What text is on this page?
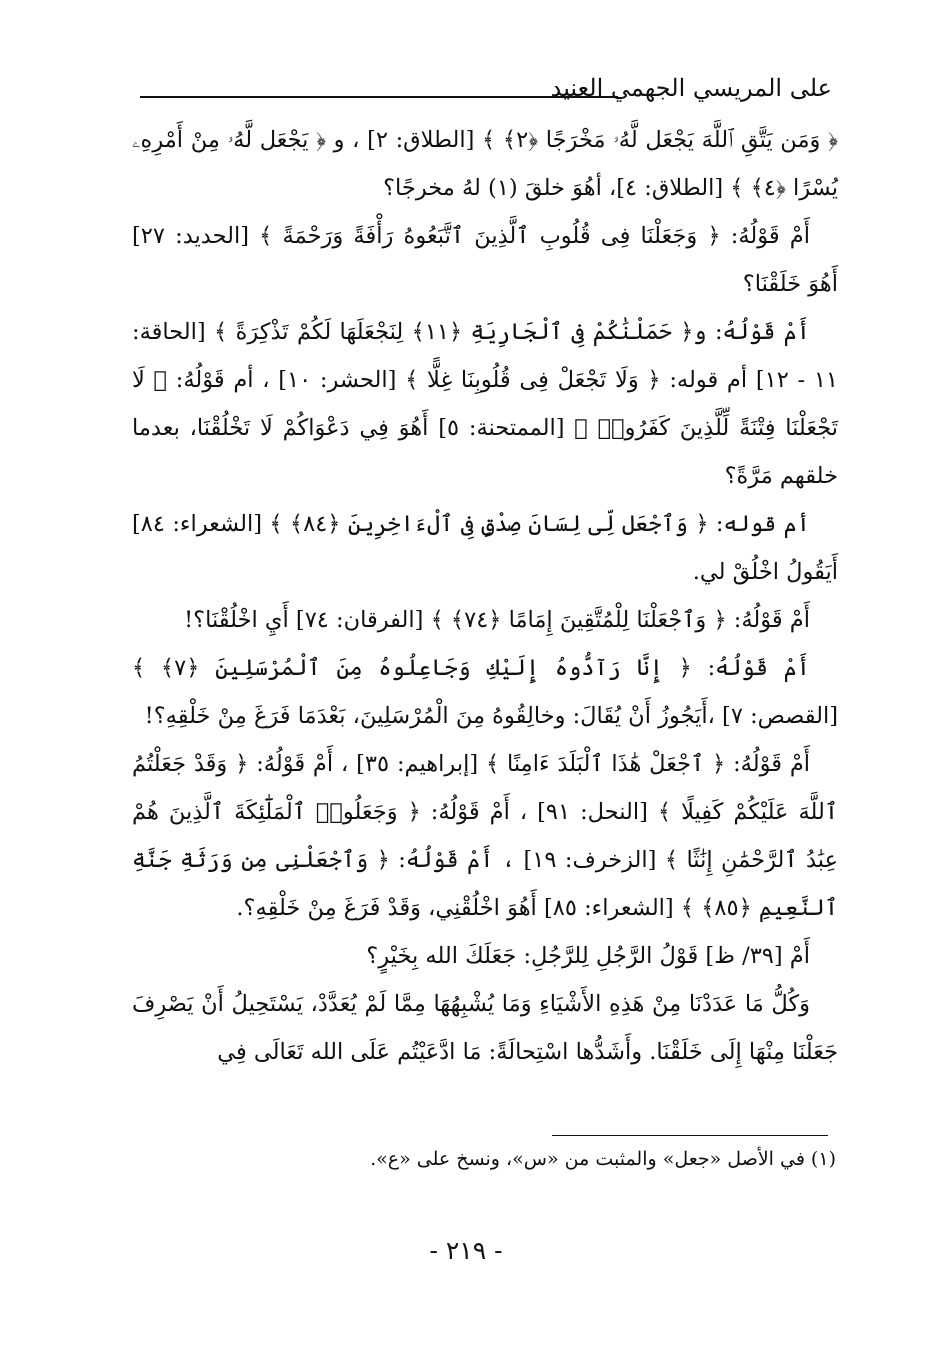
على المريسي الجهمي العنيد

﴿ وَمَن يَتَّقِ ٱللَّهَ يَجْعَل لَّهُۥ مَخْرَجًا ﴿٢﴾ ﴾ [الطلاق: ٢] ، و ﴿ يَجْعَل لَّهُۥ مِنْ أَمْرِهِۦ يُسْرًا ﴿٤﴾ ﴾ [الطلاق: ٤]، أهُوَ خلقَ (١) لهُ مخرجًا؟

أَمْ قَوْلُهُ: ﴿ وَجَعَلْنَا فِى قُلُوبِ ٱلَّذِينَ ٱتَّبَعُوهُ رَأْفَةً وَرَحْمَةً ﴾ [الحديد: ٢٧] أَهُوَ خَلَقْنَا؟

أَمْ قَوْلُهُ: و﴿ حَمَلْنَٰكُمْ فِى ٱلْجَارِيَةِ ﴿١١﴾ لِنَجْعَلَهَا لَكُمْ تَذْكِرَةً ﴾ [الحاقة: ١١ - ١٢] أم قوله: ﴿ وَلَا تَجْعَلْ فِى قُلُوبِنَا غِلًّا ﴾ [الحشر: ١٠] ، أم قَوْلُهُ: ﴿ لَا تَجْعَلْنَا فِتْنَةً لِّلَّذِينَ كَفَرُوا۟ ﴾ [الممتحنة: ٥] أَهُوَ فِي دَعْوَاكُمْ لَا تَخْلُقْنَا، بعدما خلقهم مَرَّةً؟

أم قوله: ﴿ وَٱجْعَل لِّى لِسَانَ صِدْقٍ فِى ٱلْءَاخِرِينَ ﴿٨٤﴾ ﴾ [الشعراء: ٨٤] أَيَقُولُ اخْلُقْ لي.

أَمْ قَوْلُهُ: ﴿ وَٱجْعَلْنَا لِلْمُتَّقِينَ إِمَامًا ﴿٧٤﴾ ﴾ [الفرقان: ٧٤] أَيِ اخْلُقْنَا؟!

أَمْ قَوْلُهُ: ﴿ إِنَّا رَآدُّوهُ إِلَيْكِ وَجَاعِلُوهُ مِنَ ٱلْمُرْسَلِينَ ﴿٧﴾ ﴾ [القصص: ٧] ،أَيَجُوزُ أَنْ يُقَالَ: وخالِقُوهُ مِنَ الْمُرْسَلِينَ، بَعْدَمَا فَرَغَ مِنْ خَلْقِهِ؟!

أَمْ قَوْلُهُ: ﴿ ٱجْعَلْ هَٰذَا ٱلْبَلَدَ ءَامِنًا ﴾ [إبراهيم: ٣٥] ، أَمْ قَوْلُهُ: ﴿ وَقَدْ جَعَلْتُمُ ٱللَّهَ عَلَيْكُمْ كَفِيلًا ﴾ [النحل: ٩١] ، أَمْ قَوْلُهُ: ﴿ وَجَعَلُوا۟ ٱلْمَلَٰٓئِكَةَ ٱلَّذِينَ هُمْ عِبَٰدُ ٱلرَّحْمَٰنِ إِنَٰثًا ﴾ [الزخرف: ١٩] ، أَمْ قَوْلُهُ: ﴿ وَٱجْعَلْنِى مِن وَرَثَةِ جَنَّةِ ٱلنَّعِيمِ ﴿٨٥﴾ ﴾ [الشعراء: ٨٥] أَهُوَ اخْلُقْنِي، وَقَدْ فَرَغَ مِنْ خَلْقِهِ؟.

أَمْ [٣٩/ ظ] قَوْلُ الرَّجُلِ لِلرَّجُلِ: جَعَلَكَ الله بِخَيْرٍ؟

وَكُلُّ مَا عَدَدْنَا مِنْ هَذِهِ الأَشْيَاءِ وَمَا يُشْبِهُهَا مِمَّا لَمْ يُعَدَّدْ، يَسْتَحِيلُ أَنْ يَصْرِفَ جَعَلْنَا مِنْهَا إِلَى خَلَقْنَا. وأَشَدُّها اسْتِحالَةً: مَا ادَّعَيْتُم عَلَى الله تَعَالَى فِي

(١) في الأصل «جعل» والمثبت من «س»، ونسخ على «ع».
- ٢١٩ -
